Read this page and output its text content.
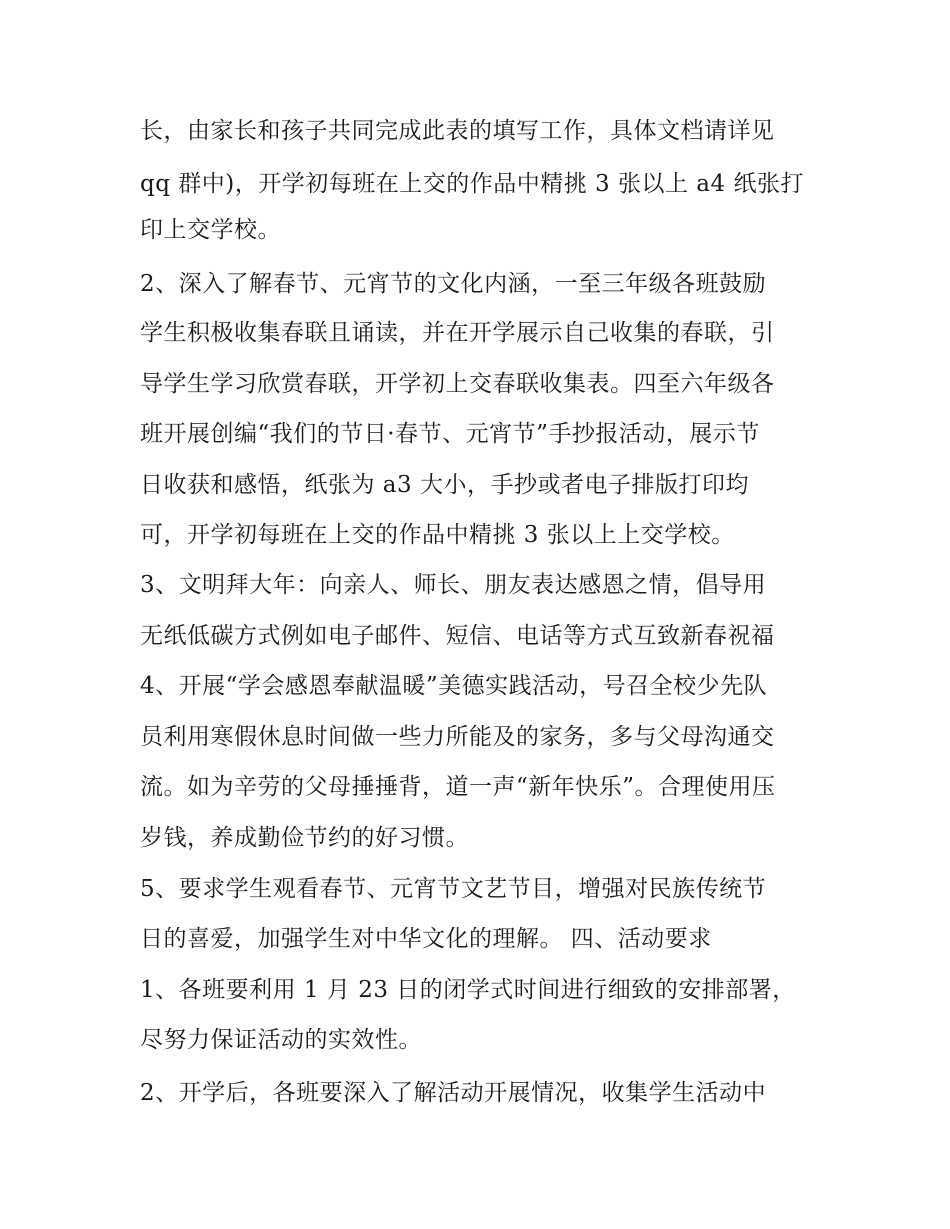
长，由家长和孩子共同完成此表的填写工作，具体文档请详见

qq 群中)，开学初每班在上交的作品中精挑 3 张以上 a4 纸张打

印上交学校。

2、深入了解春节、元宵节的文化内涵，一至三年级各班鼓励

学生积极收集春联且诵读，并在开学展示自己收集的春联，引

导学生学习欣赏春联，开学初上交春联收集表。四至六年级各

班开展创编“我们的节日·春节、元宵节”手抄报活动，展示节

日收获和感悟，纸张为 a3 大小，手抄或者电子排版打印均

可，开学初每班在上交的作品中精挑 3 张以上上交学校。

3、文明拜大年：向亲人、师长、朋友表达感恩之情，倡导用

无纸低碳方式例如电子邮件、短信、电话等方式互致新春祝福

4、开展“学会感恩奉献温暖”美德实践活动，号召全校少先队

员利用寒假休息时间做一些力所能及的家务，多与父母沟通交

流。如为辛劳的父母捶捶背，道一声“新年快乐”。合理使用压

岁钱，养成勤俭节约的好习惯。

5、要求学生观看春节、元宵节文艺节目，增强对民族传统节

日的喜爱，加强学生对中华文化的理解。 四、活动要求

1、各班要利用 1 月 23 日的闭学式时间进行细致的安排部署，

尽努力保证活动的实效性。

2、开学后，各班要深入了解活动开展情况，收集学生活动中
